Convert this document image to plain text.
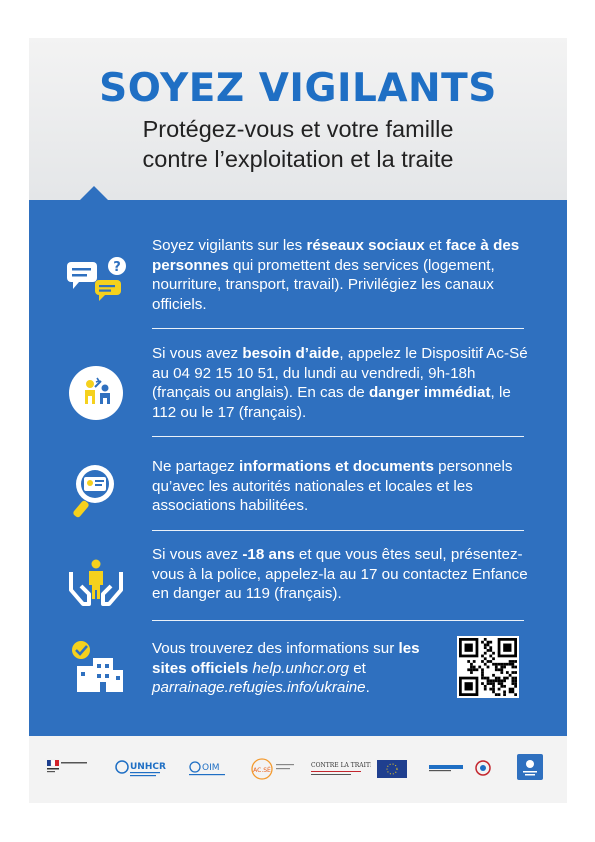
SOYEZ VIGILANTS
Protégez-vous et votre famille
contre l’exploitation et la traite
?
Soyez vigilants sur les réseaux sociaux et face à des personnes qui promettent des services (logement, nourriture, transport, travail). Privilégiez les canaux officiels.
Si vous avez besoin d’aide, appelez le Dispositif Ac-Sé au 04 92 15 10 51, du lundi au vendredi, 9h-18h (français ou anglais). En cas de danger immédiat, le 112 ou le 17 (français).
Ne partagez informations et documents personnels qu’avec les autorités nationales et locales et les associations habilitées.
Si vous avez -18 ans et que vous êtes seul, présentez-vous à la police, appelez-la au 17 ou contactez Enfance en danger au 119 (français).
Vous trouverez des informations sur les sites officiels help.unhcr.org et parrainage.refugies.info/ukraine.
UNHCR	OIM	AC.SÉ
CONTRE LA TRAITE
